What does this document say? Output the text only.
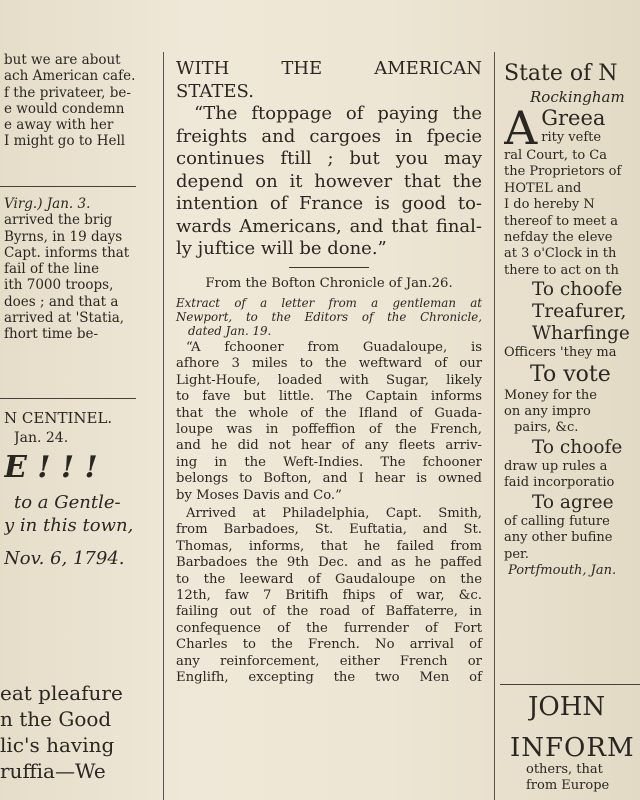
but we are about
ach American cafe.
f the privateer, be-
e would condemn
e away with her
I might go to Hell
Virg.) Jan. 3.
arrived the brig
Byrns, in 19 days
Capt. informs that
fail of the line
ith 7000 troops,
does ; and that a
arrived at 'Statia,
fhort time be-
N CENTINEL.
Jan. 24.
E ! ! !
to a Gentle-
y in this town,
Nov. 6, 1794.
eat pleafure
n the Good
lic's having
ruffia—We
WITH THE AMERICAN
STATES.
“The ftoppage of paying the
freights and cargoes in fpecie
continues ftill ; but you may
depend on it however that the
intention of France is good to-
wards Americans, and that final-
ly juftice will be done.”
From the Bofton Chronicle of Jan.26.
Extract of a letter from a gentleman at
Newport, to the Editors of the Chronicle,
dated Jan. 19.
“A fchooner from Guadaloupe, is
afhore 3 miles to the weftward of our
Light-Houfe, loaded with Sugar, likely
to fave but little. The Captain informs
that the whole of the Ifland of Guada-
loupe was in poffeffion of the French,
and he did not hear of any fleets arriv-
ing in the Weft-Indies. The fchooner
belongs to Bofton, and I hear is owned
by Moses Davis and Co.”
Arrived at Philadelphia, Capt. Smith,
from Barbadoes, St. Euftatia, and St.
Thomas, informs, that he failed from
Barbadoes the 9th Dec. and as he paffed
to the leeward of Gaudaloupe on the
12th, faw 7 Britifh fhips of war, &c.
failing out of the road of Baffaterre, in
confequence of the furrender of Fort
Charles to the French. No arrival of
any reinforcement, either French or
Englifh, excepting the two Men of
State of N
Rockingham
A Greea
rity vefte
ral Court, to Ca
the Proprietors of
HOTEL and
I do hereby N
thereof to meet a
nefday the eleve
at 3 o'Clock in th
there to act on th
To choofe
Treafurer,
Wharfinge
Officers 'they ma
To vote
Money for the
on any impro
pairs, &c.
To choofe
draw up rules a
faid incorporatio
To agree
of calling future
any other bufine
per.
Portfmouth, Jan.
JOHN
INFORM
others, that
from Europe
